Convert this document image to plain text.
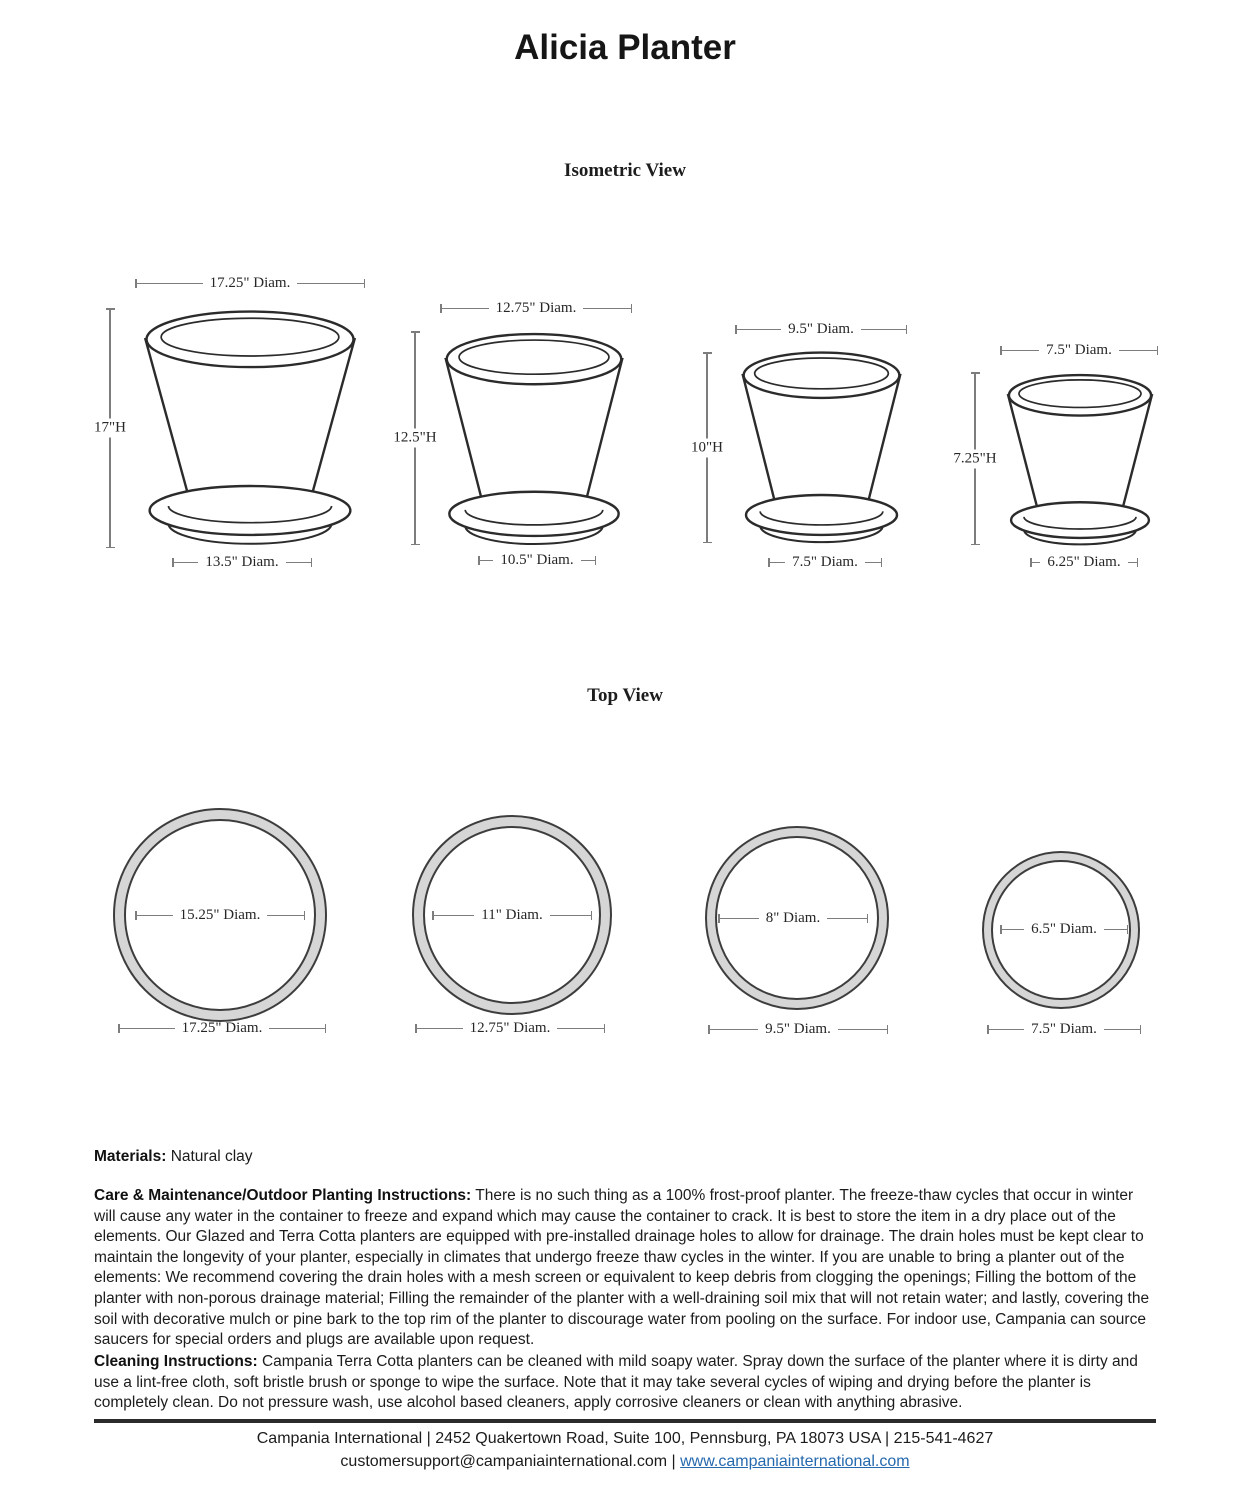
Alicia Planter
Isometric View
17.25" Diam.
17"H
13.5" Diam.
12.75" Diam.
12.5"H
10.5" Diam.
9.5" Diam.
10"H
7.5" Diam.
7.5" Diam.
7.25"H
6.25" Diam.
Top View
15.25" Diam.
17.25" Diam.
11" Diam.
12.75" Diam.
8" Diam.
9.5" Diam.
6.5" Diam.
7.5" Diam.

Materials: Natural clay

Care & Maintenance/Outdoor Planting Instructions: There is no such thing as a 100% frost-proof planter. The freeze-thaw cycles that occur in winter will cause any water in the container to freeze and expand which may cause the container to crack. It is best to store the item in a dry place out of the elements. Our Glazed and Terra Cotta planters are equipped with pre-installed drainage holes to allow for drainage. The drain holes must be kept clear to maintain the longevity of your planter, especially in climates that undergo freeze thaw cycles in the winter. If you are unable to bring a planter out of the elements: We recommend covering the drain holes with a mesh screen or equivalent to keep debris from clogging the openings; Filling the bottom of the planter with non-porous drainage material; Filling the remainder of the planter with a well-draining soil mix that will not retain water; and lastly, covering the soil with decorative mulch or pine bark to the top rim of the planter to discourage water from pooling on the surface. For indoor use, Campania can source saucers for special orders and plugs are available upon request.

Cleaning Instructions: Campania Terra Cotta planters can be cleaned with mild soapy water. Spray down the surface of the planter where it is dirty and use a lint-free cloth, soft bristle brush or sponge to wipe the surface. Note that it may take several cycles of wiping and drying before the planter is completely clean. Do not pressure wash, use alcohol based cleaners, apply corrosive cleaners or clean with anything abrasive.

Campania International | 2452 Quakertown Road, Suite 100, Pennsburg, PA 18073 USA | 215-541-4627
customersupport@campaniainternational.com | www.campaniainternational.com
